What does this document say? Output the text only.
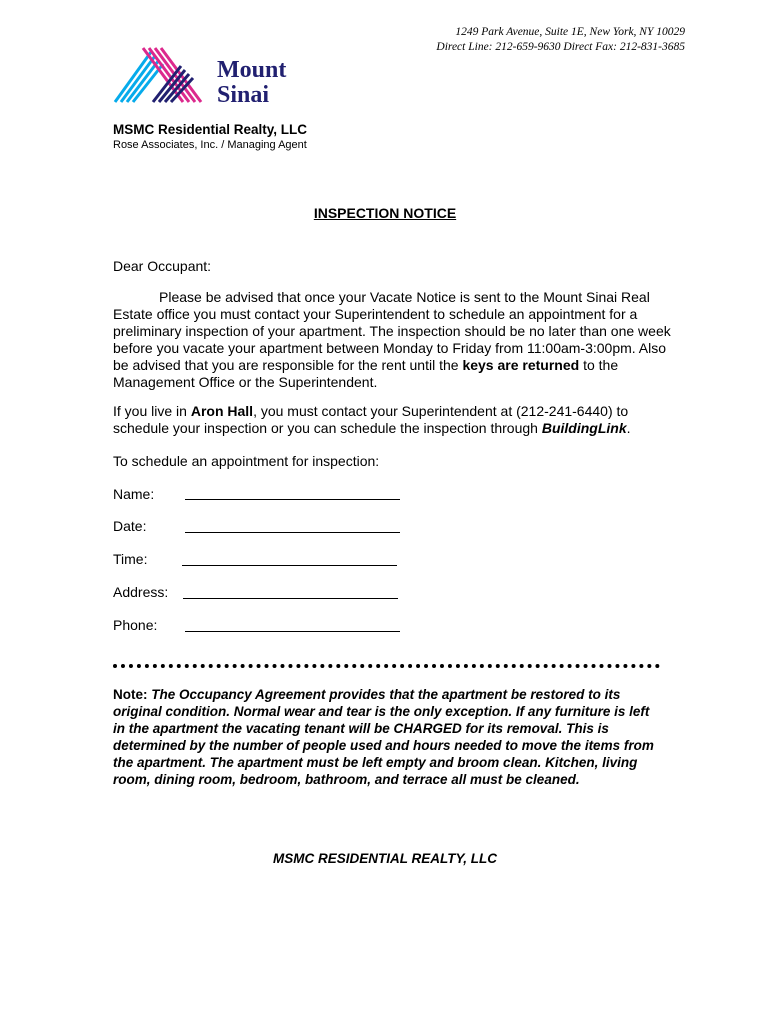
1249 Park Avenue, Suite 1E, New York, NY 10029
Direct Line: 212-659-9630 Direct Fax: 212-831-3685
Mount
Sinai
MSMC Residential Realty, LLC
Rose Associates, Inc. / Managing Agent
INSPECTION NOTICE
Dear Occupant:
Please be advised that once your Vacate Notice is sent to the Mount Sinai Real Estate office you must contact your Superintendent to schedule an appointment for a preliminary inspection of your apartment. The inspection should be no later than one week before you vacate your apartment between Monday to Friday from 11:00am-3:00pm. Also be advised that you are responsible for the rent until the keys are returned to the Management Office or the Superintendent.
If you live in Aron Hall, you must contact your Superintendent at (212-241-6440) to schedule your inspection or you can schedule the inspection through BuildingLink.
To schedule an appointment for inspection:
Name:
Date:
Time:
Address:
Phone:
Note: The Occupancy Agreement provides that the apartment be restored to its original condition. Normal wear and tear is the only exception. If any furniture is left in the apartment the vacating tenant will be CHARGED for its removal. This is determined by the number of people used and hours needed to move the items from the apartment. The apartment must be left empty and broom clean. Kitchen, living room, dining room, bedroom, bathroom, and terrace all must be cleaned.
MSMC RESIDENTIAL REALTY, LLC
